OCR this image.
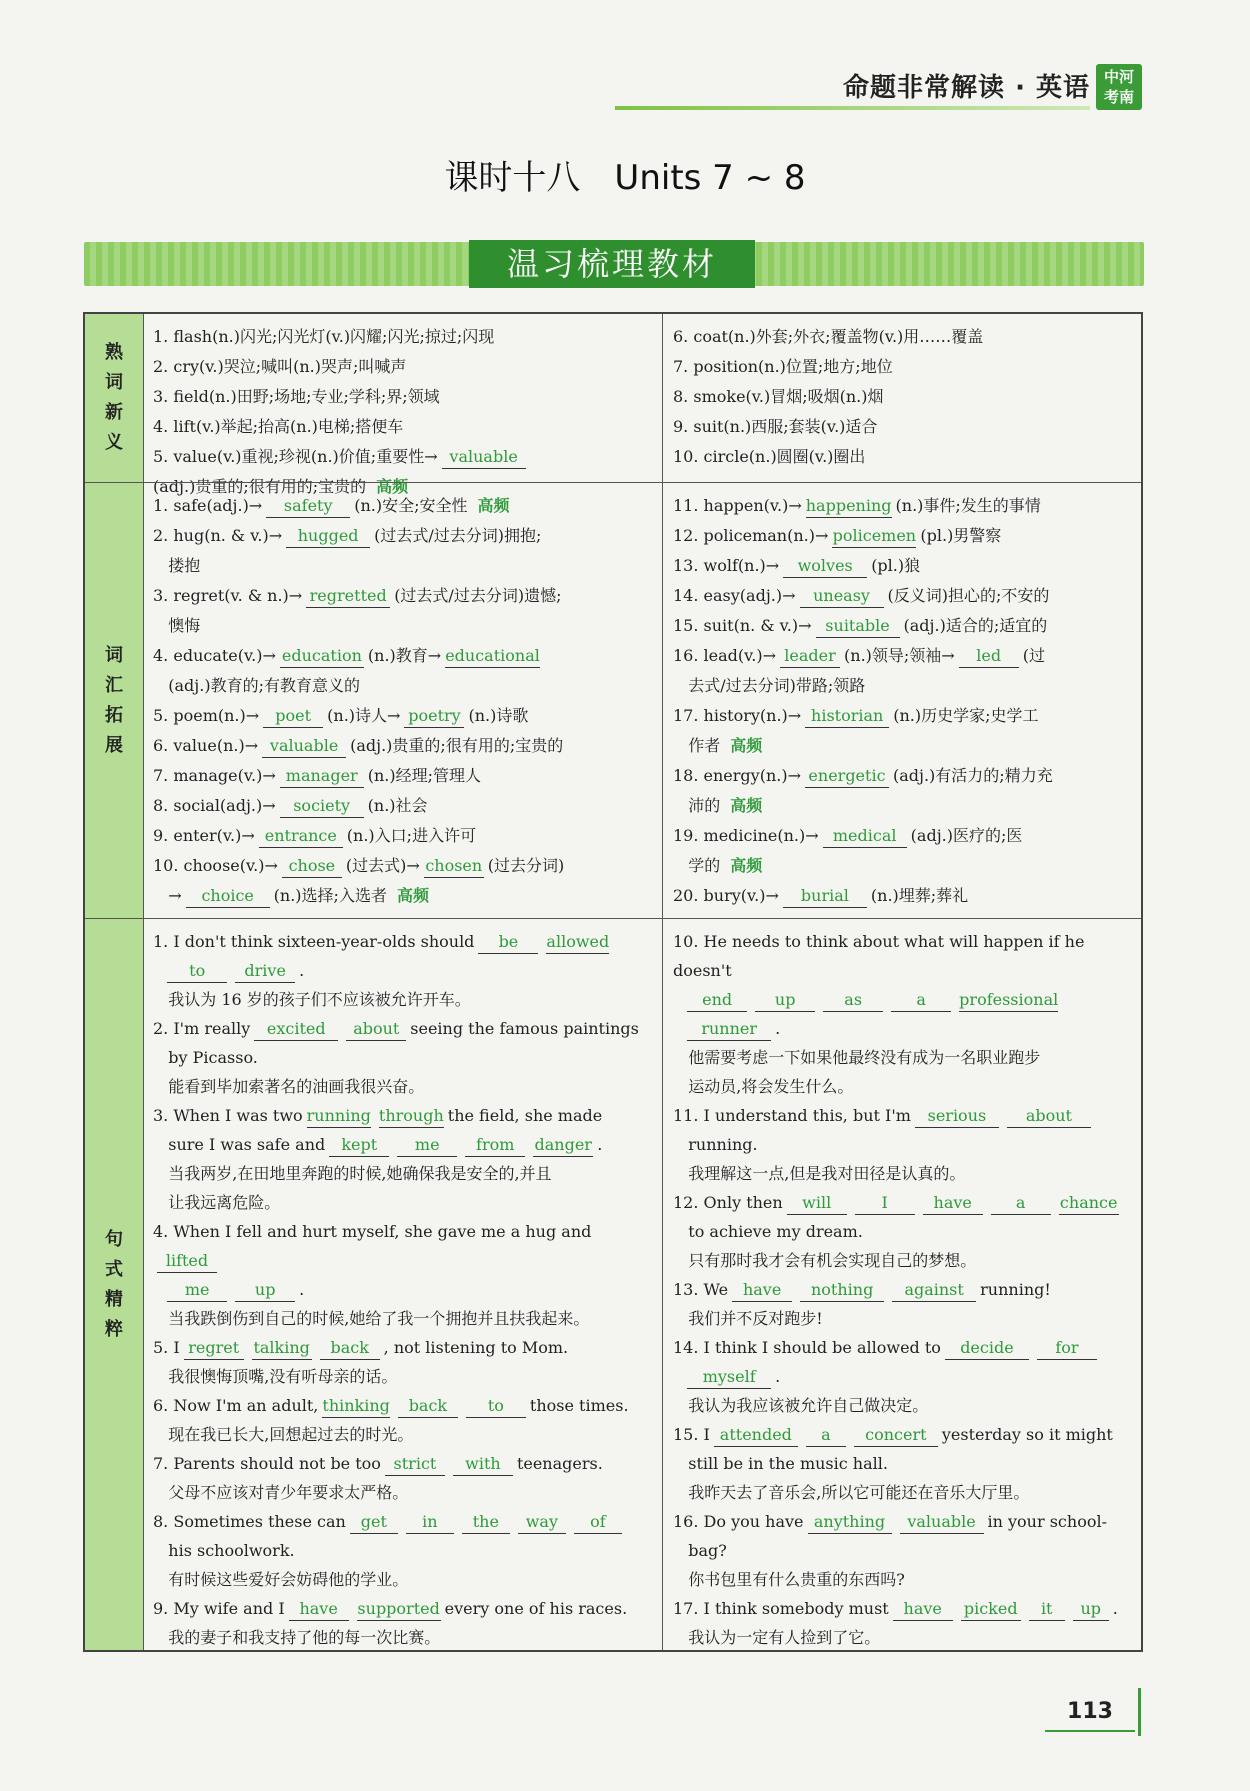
命题非常解读 · 英语 中河
考南
课时十八　Units 7 ~ 8
温习梳理教材
熟
词
新
义

1. flash(n.)闪光;闪光灯(v.)闪耀;闪光;掠过;闪现

2. cry(v.)哭泣;喊叫(n.)哭声;叫喊声

3. field(n.)田野;场地;专业;学科;界;领域

4. lift(v.)举起;抬高(n.)电梯;搭便车

5. value(v.)重视;珍视(n.)价值;重要性→ valuable

(adj.)贵重的;很有用的;宝贵的 高频

6. coat(n.)外套;外衣;覆盖物(v.)用……覆盖

7. position(n.)位置;地方;地位

8. smoke(v.)冒烟;吸烟(n.)烟

9. suit(n.)西服;套装(v.)适合

10. circle(n.)圆圈(v.)圈出

词
汇
拓
展

1. safe(adj.)→ safety (n.)安全;安全性 高频

2. hug(n. & v.)→ hugged (过去式/过去分词)拥抱;

搂抱

3. regret(v. & n.)→ regretted (过去式/过去分词)遗憾;

懊悔

4. educate(v.)→ education (n.)教育→ educational

(adj.)教育的;有教育意义的

5. poem(n.)→ poet (n.)诗人→ poetry (n.)诗歌

6. value(n.)→ valuable (adj.)贵重的;很有用的;宝贵的

7. manage(v.)→ manager (n.)经理;管理人

8. social(adj.)→ society (n.)社会

9. enter(v.)→ entrance (n.)入口;进入许可

10. choose(v.)→ chose (过去式)→ chosen (过去分词)

→ choice (n.)选择;入选者 高频

11. happen(v.)→ happening (n.)事件;发生的事情

12. policeman(n.)→ policemen (pl.)男警察

13. wolf(n.)→ wolves (pl.)狼

14. easy(adj.)→ uneasy (反义词)担心的;不安的

15. suit(n. & v.)→ suitable (adj.)适合的;适宜的

16. lead(v.)→ leader (n.)领导;领袖→ led (过

去式/过去分词)带路;领路

17. history(n.)→ historian (n.)历史学家;史学工

作者 高频

18. energy(n.)→ energetic (adj.)有活力的;精力充

沛的 高频

19. medicine(n.)→ medical (adj.)医疗的;医

学的 高频

20. bury(v.)→ burial (n.)埋葬;葬礼

句
式
精
粹

1. I don't think sixteen-year-olds should be allowed

to drive .

我认为 16 岁的孩子们不应该被允许开车。

2. I'm really excited about seeing the famous paintings

by Picasso.

能看到毕加索著名的油画我很兴奋。

3. When I was two running through the field, she made

sure I was safe and kept me from danger .

当我两岁,在田地里奔跑的时候,她确保我是安全的,并且

让我远离危险。

4. When I fell and hurt myself, she gave me a hug andlifted

me	up .

当我跌倒伤到自己的时候,她给了我一个拥抱并且扶我起来。

5. I regret talking back , not listening to Mom.

我很懊悔顶嘴,没有听母亲的话。

6. Now I'm an adult, thinking back	to those times.

现在我已长大,回想起过去的时光。

7. Parents should not be too strict with teenagers.

父母不应该对青少年要求太严格。

8. Sometimes these can get in the way of

his schoolwork.

有时候这些爱好会妨碍他的学业。

9. My wife and I have supported every one of his races.

我的妻子和我支持了他的每一次比赛。

10. He needs to think about what will happen if he doesn't

end	up	as	a professional

runner .

他需要考虑一下如果他最终没有成为一名职业跑步

运动员,将会发生什么。

11. I understand this, but I'm serious about

running.

我理解这一点,但是我对田径是认真的。

12. Only then will	I	have	a chance

to achieve my dream.

只有那时我才会有机会实现自己的梦想。

13. We have nothing against running!

我们并不反对跑步!

14. I think I should be allowed to decide	for

myself .

我认为我应该被允许自己做决定。

15. I attended a concert yesterday so it might

still be in the music hall.

我昨天去了音乐会,所以它可能还在音乐大厅里。

16. Do you have anything valuable in your school-

bag?

你书包里有什么贵重的东西吗?

17. I think somebody must have picked it up .

我认为一定有人捡到了它。

113
